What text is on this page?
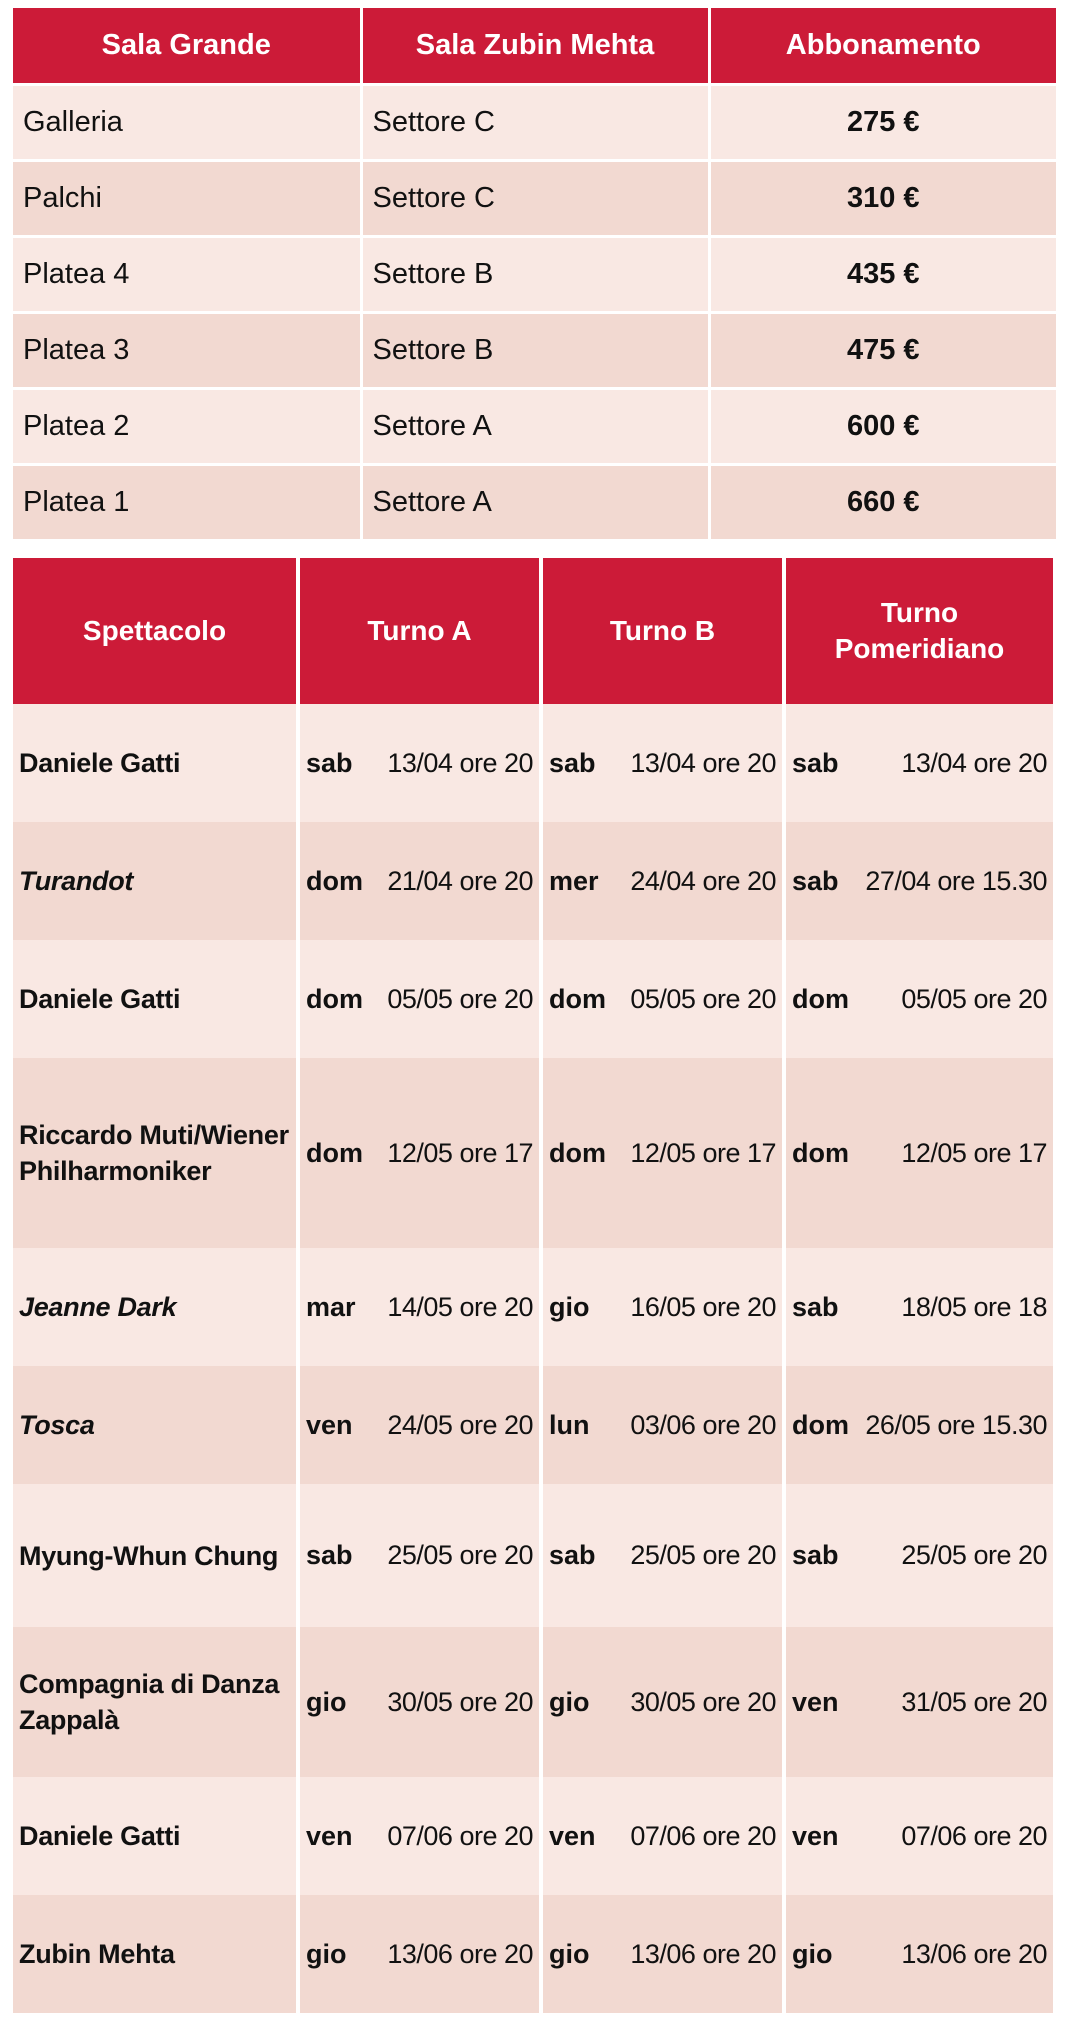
Sala Grande	Sala Zubin Mehta	Abbonamento
Galleria	Settore C	275 €
Palchi	Settore C	310 €
Platea 4	Settore B	435 €
Platea 3	Settore B	475 €
Platea 2	Settore A	600 €
Platea 1	Settore A	660 €
Spettacolo	Turno A	Turno B	Turno Pomeridiano
Daniele Gatti	sab 13/04 ore 20	sab 13/04 ore 20	sab 13/04 ore 20

Turandot	dom 21/04 ore 20	mer 24/04 ore 20	sab 27/04 ore 15.30

Daniele Gatti	dom 05/05 ore 20	dom 05/05 ore 20	dom 05/05 ore 20

Riccardo Muti/Wiener Philharmoniker	dom 12/05 ore 17	dom 12/05 ore 17	dom 12/05 ore 17

Jeanne Dark	mar 14/05 ore 20	gio 16/05 ore 20	sab 18/05 ore 18

Tosca	ven 24/05 ore 20	lun 03/06 ore 20	dom 26/05 ore 15.30

Myung-Whun Chung	sab 25/05 ore 20	sab 25/05 ore 20	sab 25/05 ore 20

Compagnia di Danza Zappalà	gio 30/05 ore 20	gio 30/05 ore 20	ven 31/05 ore 20

Daniele Gatti	ven 07/06 ore 20	ven 07/06 ore 20	ven 07/06 ore 20

Zubin Mehta	gio 13/06 ore 20	gio 13/06 ore 20	gio 13/06 ore 20
